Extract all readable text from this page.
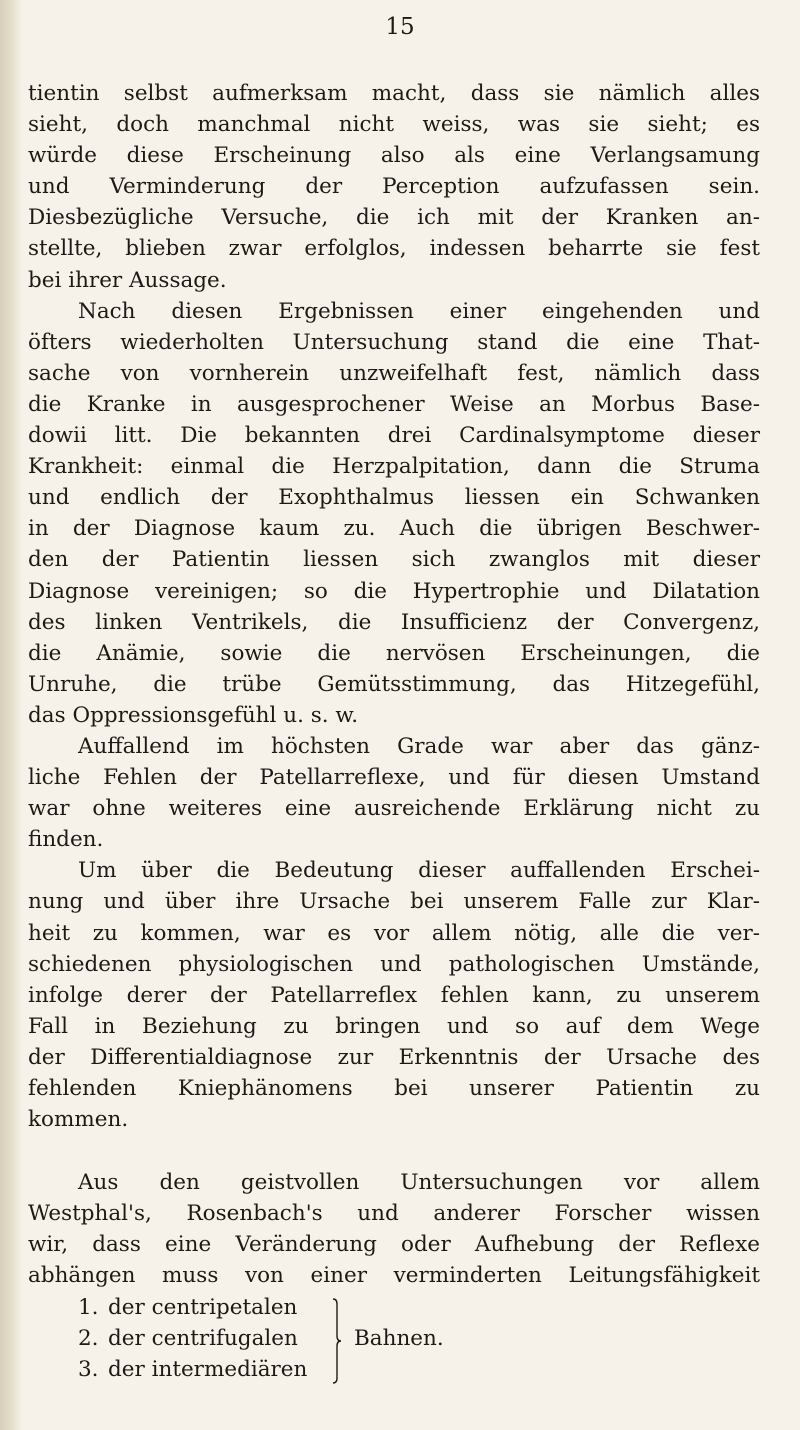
15
tientin selbst aufmerksam macht, dass sie nämlich alles
sieht, doch manchmal nicht weiss, was sie sieht; es
würde diese Erscheinung also als eine Verlangsamung
und Verminderung der Perception aufzufassen sein.
Diesbezügliche Versuche, die ich mit der Kranken an-
stellte, blieben zwar erfolglos, indessen beharrte sie fest
bei ihrer Aussage.
Nach diesen Ergebnissen einer eingehenden und
öfters wiederholten Untersuchung stand die eine That-
sache von vornherein unzweifelhaft fest, nämlich dass
die Kranke in ausgesprochener Weise an Morbus Base-
dowii litt. Die bekannten drei Cardinalsymptome dieser
Krankheit: einmal die Herzpalpitation, dann die Struma
und endlich der Exophthalmus liessen ein Schwanken
in der Diagnose kaum zu. Auch die übrigen Beschwer-
den der Patientin liessen sich zwanglos mit dieser
Diagnose vereinigen; so die Hypertrophie und Dilatation
des linken Ventrikels, die Insufficienz der Convergenz,
die Anämie, sowie die nervösen Erscheinungen, die
Unruhe, die trübe Gemütsstimmung, das Hitzegefühl,
das Oppressionsgefühl u. s. w.
Auffallend im höchsten Grade war aber das gänz-
liche Fehlen der Patellarreflexe, und für diesen Umstand
war ohne weiteres eine ausreichende Erklärung nicht zu
finden.
Um über die Bedeutung dieser auffallenden Erschei-
nung und über ihre Ursache bei unserem Falle zur Klar-
heit zu kommen, war es vor allem nötig, alle die ver-
schiedenen physiologischen und pathologischen Umstände,
infolge derer der Patellarreflex fehlen kann, zu unserem
Fall in Beziehung zu bringen und so auf dem Wege
der Differentialdiagnose zur Erkenntnis der Ursache des
fehlenden Kniephänomens bei unserer Patientin zu
kommen.
Aus den geistvollen Untersuchungen vor allem
Westphal's, Rosenbach's und anderer Forscher wissen
wir, dass eine Veränderung oder Aufhebung der Reflexe
abhängen muss von einer verminderten Leitungsfähigkeit
1. der centripetalen
2. der centrifugalen
3. der intermediären
Bahnen.
